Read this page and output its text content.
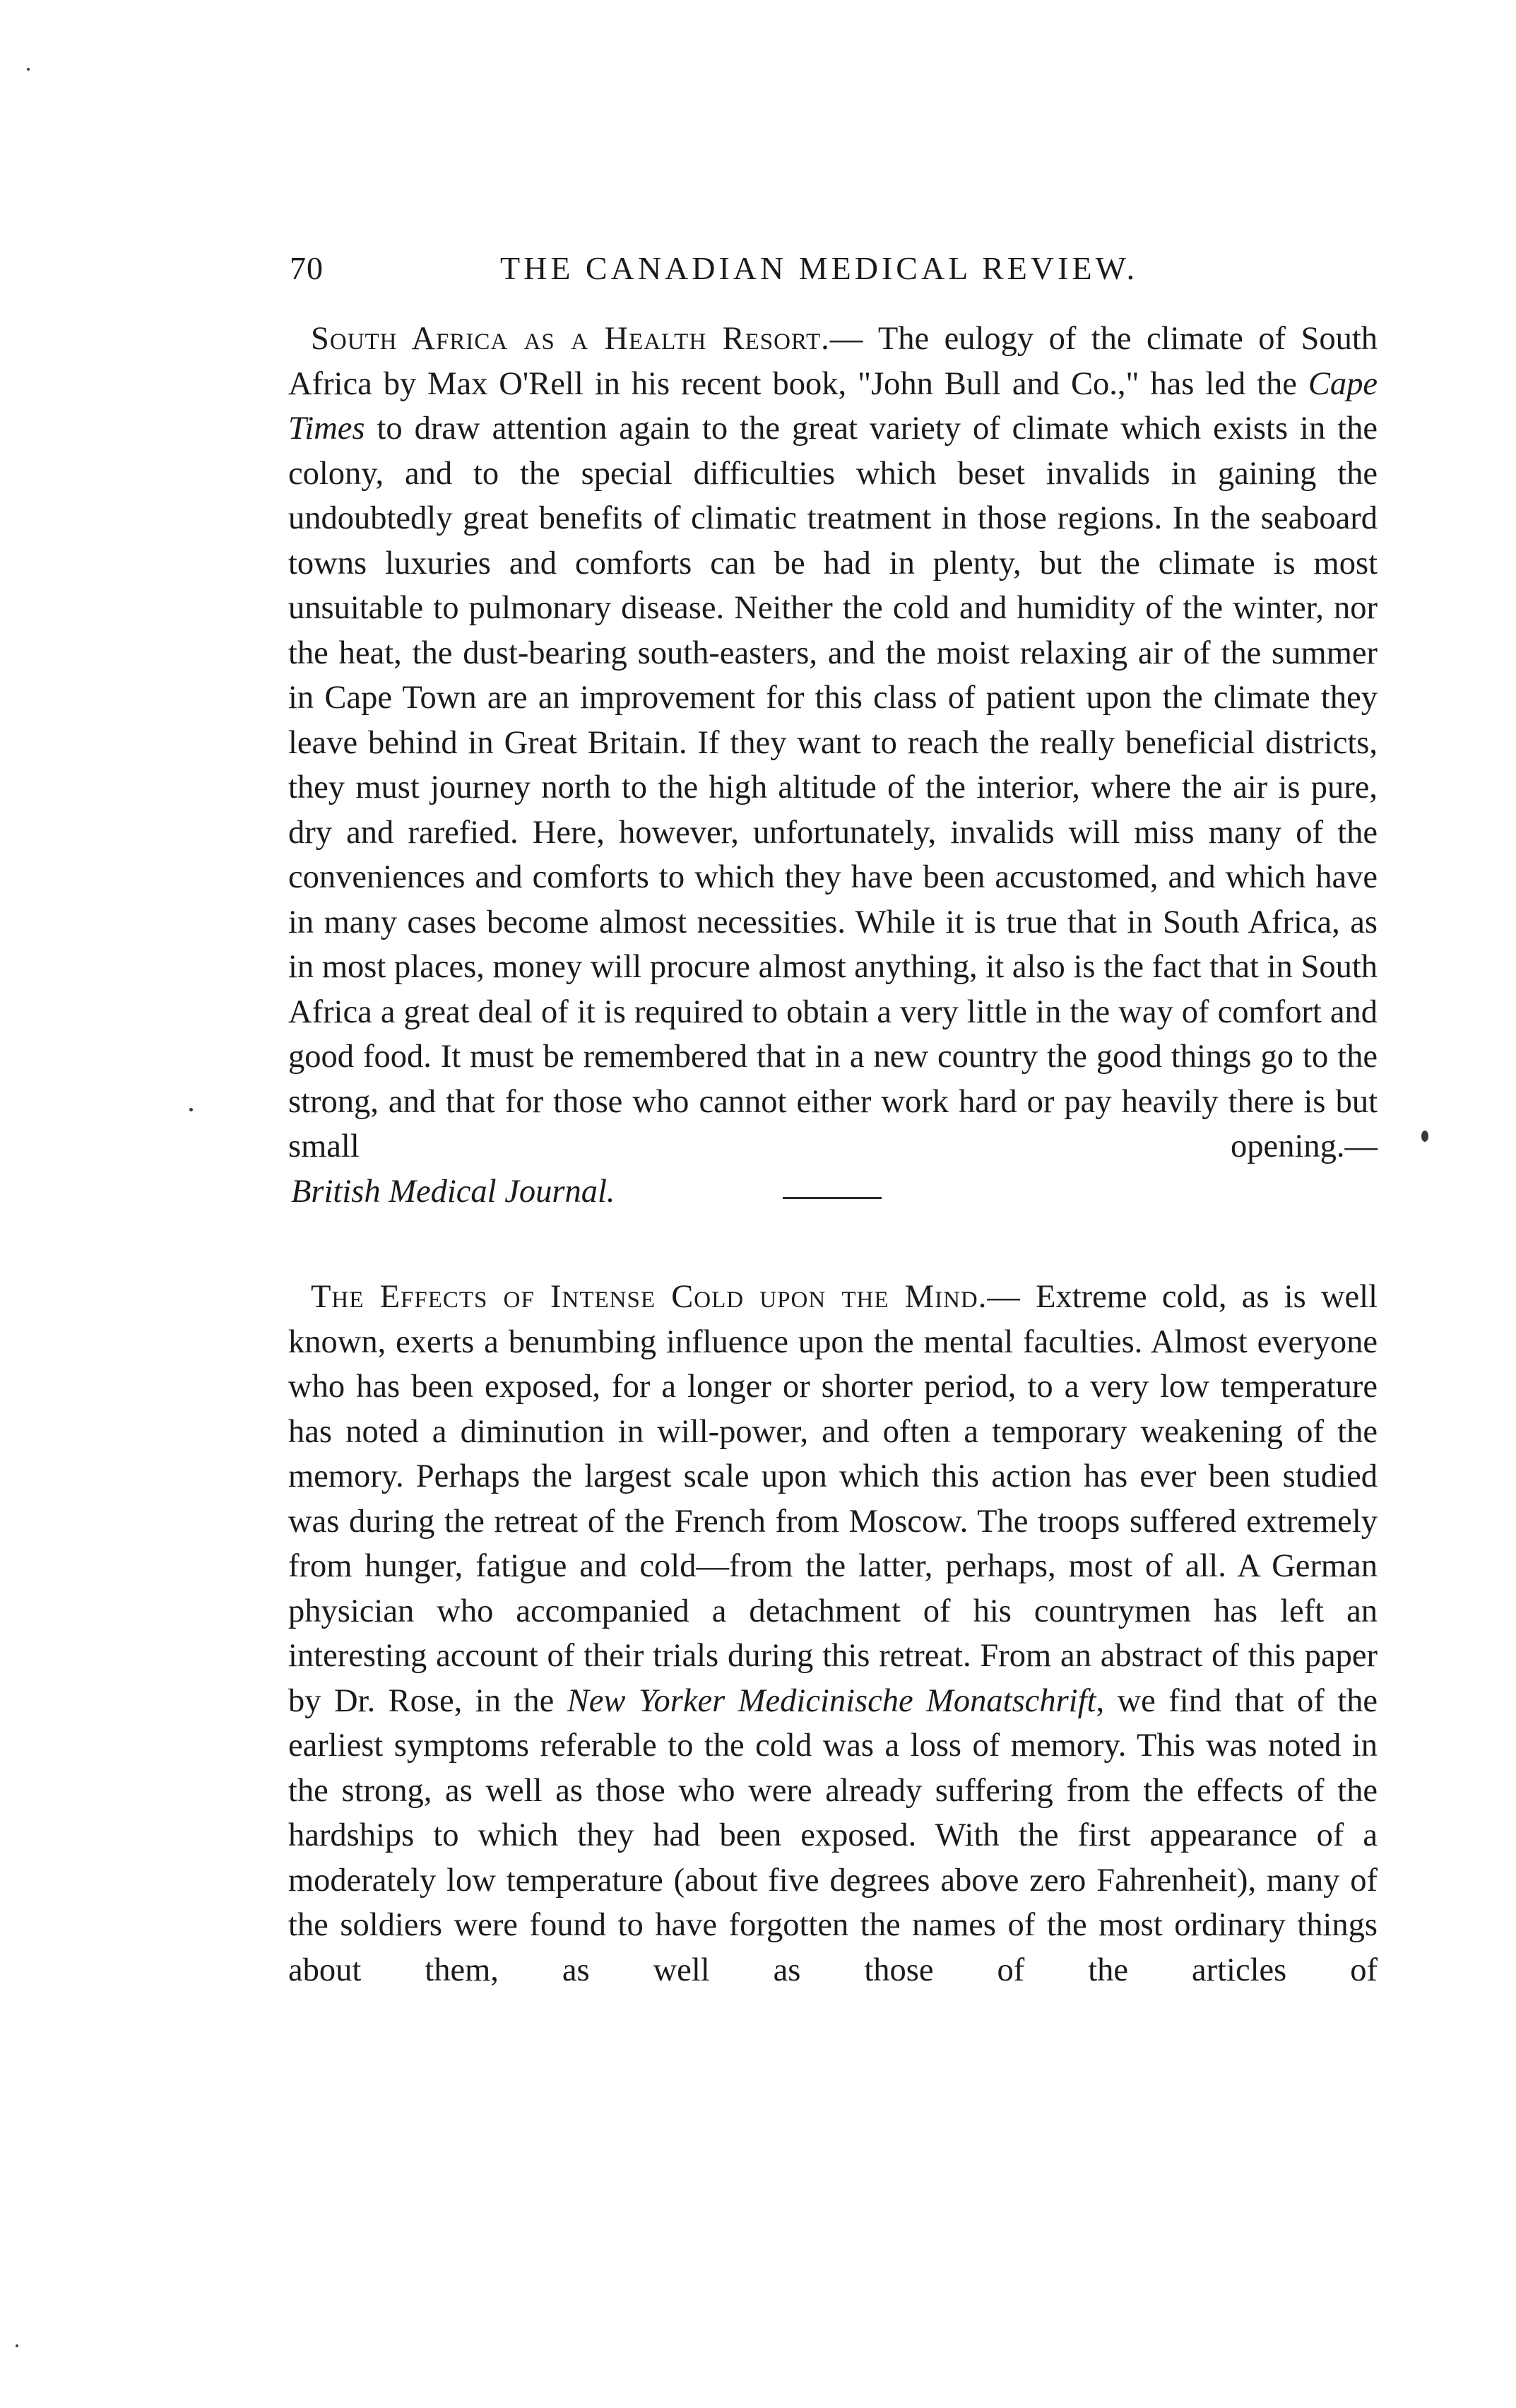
70	THE CANADIAN MEDICAL REVIEW.

South Africa as a Health Resort.— The eulogy of the climate of South Africa by Max O'Rell in his recent book, "John Bull and Co.," has led the Cape Times to draw attention again to the great variety of climate which exists in the colony, and to the special difficulties which beset invalids in gaining the undoubtedly great benefits of climatic treatment in those regions. In the seaboard towns luxuries and comforts can be had in plenty, but the climate is most unsuitable to pulmonary disease. Neither the cold and humidity of the winter, nor the heat, the dust-bearing south-easters, and the moist relaxing air of the summer in Cape Town are an improvement for this class of patient upon the climate they leave behind in Great Britain. If they want to reach the really beneficial districts, they must journey north to the high altitude of the interior, where the air is pure, dry and rarefied. Here, however, unfortunately, invalids will miss many of the conveniences and comforts to which they have been accustomed, and which have in many cases become almost necessities. While it is true that in South Africa, as in most places, money will procure almost anything, it also is the fact that in South Africa a great deal of it is required to obtain a very little in the way of comfort and good food. It must be remembered that in a new country the good things go to the strong, and that for those who cannot either work hard or pay heavily there is but small opening.—

British Medical Journal.

The Effects of Intense Cold upon the Mind.— Extreme cold, as is well known, exerts a benumbing influence upon the mental faculties. Almost everyone who has been exposed, for a longer or shorter period, to a very low temperature has noted a diminution in will-power, and often a temporary weakening of the memory. Perhaps the largest scale upon which this action has ever been studied was during the retreat of the French from Moscow. The troops suffered extremely from hunger, fatigue and cold—from the latter, perhaps, most of all. A German physician who accompanied a detachment of his countrymen has left an interesting account of their trials during this retreat. From an abstract of this paper by Dr. Rose, in the New Yorker Medicinische Monatschrift, we find that of the earliest symptoms referable to the cold was a loss of memory. This was noted in the strong, as well as those who were already suffering from the effects of the hardships to which they had been exposed. With the first appearance of a moderately low temperature (about five degrees above zero Fahrenheit), many of the soldiers were found to have forgotten the names of the most ordinary things about them, as well as those of the articles of
